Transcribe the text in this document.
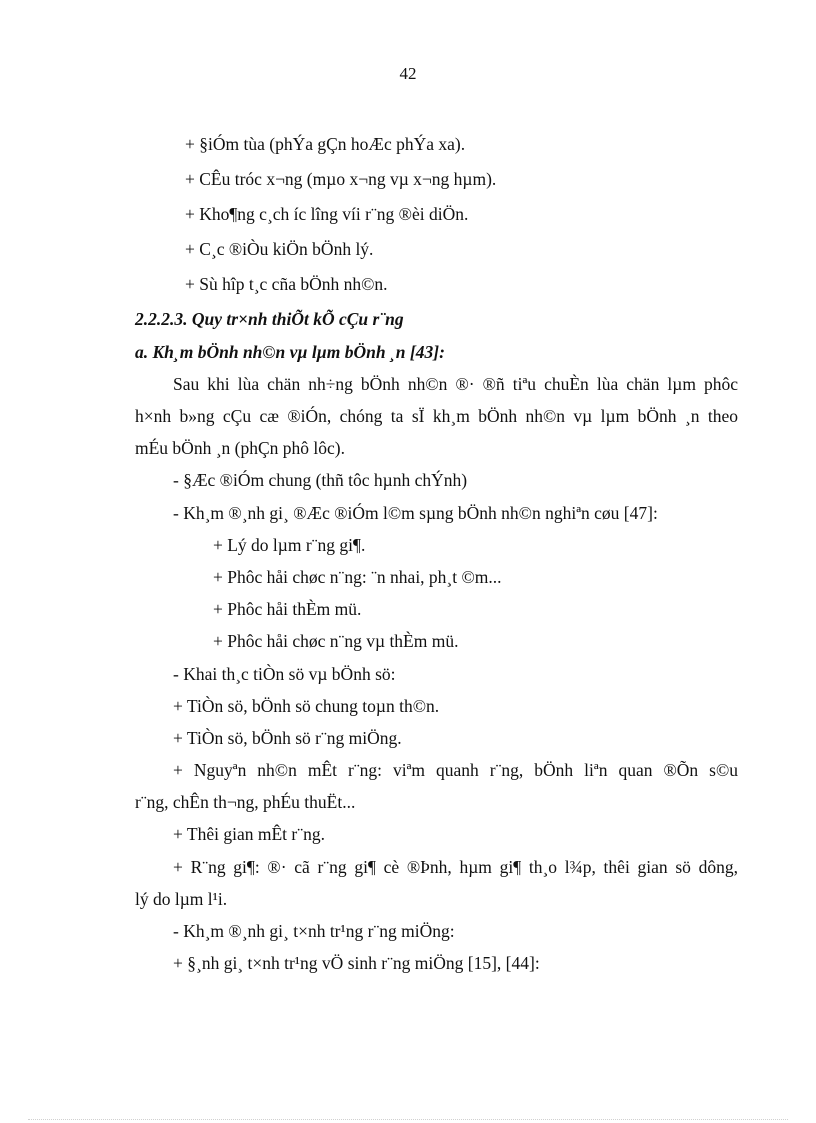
42
+ §iÓm tùa (phÝa gÇn hoÆc phÝa xa).
+ CÊu tróc x¬ng (mµo x¬ng vµ x¬ng hµm).
+ Kho¶ng c¸ch íc lîng víi r¨ng ®èi diÖn.
+ C¸c ®iÒu kiÖn bÖnh lý.
+ Sù hîp t¸c cña bÖnh nh©n.
2.2.2.3. Quy tr×nh thiÕt kÕ cÇu r¨ng
a. Kh¸m bÖnh nh©n vµ lµm bÖnh ¸n [43]:
Sau khi lùa chän nh÷ng bÖnh nh©n ®· ®ñ tiªu chuÈn lùa chän lµm phôc
h×nh b»ng cÇu cæ ®iÓn, chóng ta sÏ kh¸m bÖnh nh©n vµ lµm bÖnh ¸n theo
mÉu bÖnh ¸n (phÇn phô lôc).
- §Æc ®iÓm chung (thñ tôc hµnh chÝnh)
- Kh¸m ®¸nh gi¸ ®Æc ®iÓm l©m sµng bÖnh nh©n nghiªn cøu [47]:
+ Lý do lµm r¨ng gi¶.
+ Phôc håi chøc n¨ng: ¨n nhai, ph¸t ©m...
+ Phôc håi thÈm mü.
+ Phôc håi chøc n¨ng vµ thÈm mü.
- Khai th¸c tiÒn sö vµ bÖnh sö:
+ TiÒn sö, bÖnh sö chung toµn th©n.
+ TiÒn sö, bÖnh sö r¨ng miÖng.
+ Nguyªn nh©n mÊt r¨ng: viªm quanh r¨ng, bÖnh liªn quan ®Õn s©u
r¨ng, chÊn th¬ng, phÉu thuËt...
+ Thêi gian mÊt r¨ng.
+ R¨ng gi¶: ®· cã r¨ng gi¶ cè ®Þnh, hµm gi¶ th¸o l¾p, thêi gian sö dông,
lý do lµm l¹i.
- Kh¸m ®¸nh gi¸ t×nh tr¹ng r¨ng miÖng:
+ §¸nh gi¸ t×nh tr¹ng vÖ sinh r¨ng miÖng [15], [44]:
